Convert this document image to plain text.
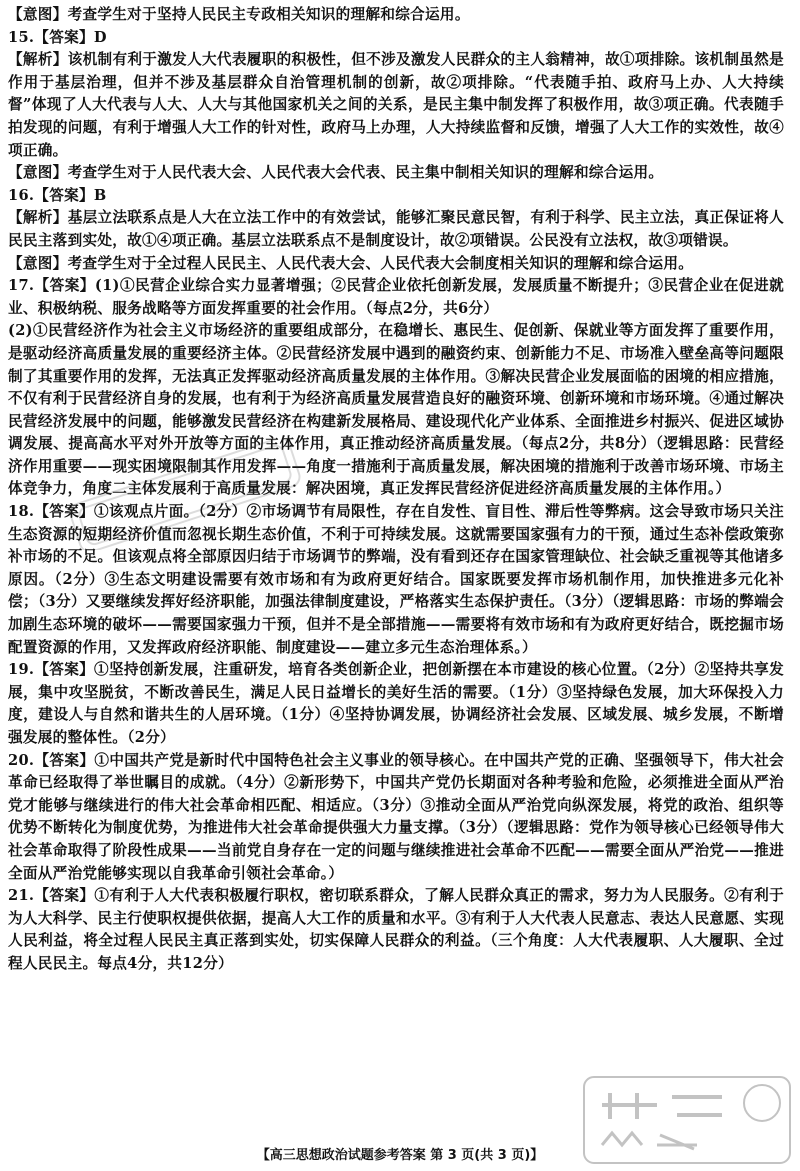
【意图】考查学生对于坚持人民民主专政相关知识的理解和综合运用。

15.【答案】D

【解析】该机制有利于激发人大代表履职的积极性，但不涉及激发人民群众的主人翁精神，故①项排除。该机制虽然是作用于基层治理，但并不涉及基层群众自治管理机制的创新，故②项排除。“代表随手拍、政府马上办、人大持续督”体现了人大代表与人大、人大与其他国家机关之间的关系，是民主集中制发挥了积极作用，故③项正确。代表随手拍发现的问题，有利于增强人大工作的针对性，政府马上办理，人大持续监督和反馈，增强了人大工作的实效性，故④项正确。

【意图】考查学生对于人民代表大会、人民代表大会代表、民主集中制相关知识的理解和综合运用。

16.【答案】B

【解析】基层立法联系点是人大在立法工作中的有效尝试，能够汇聚民意民智，有利于科学、民主立法，真正保证将人民民主落到实处，故①④项正确。基层立法联系点不是制度设计，故②项错误。公民没有立法权，故③项错误。

【意图】考查学生对于全过程人民民主、人民代表大会、人民代表大会制度相关知识的理解和综合运用。

17.【答案】(1)①民营企业综合实力显著增强；②民营企业依托创新发展，发展质量不断提升；③民营企业在促进就业、积极纳税、服务战略等方面发挥重要的社会作用。（每点2分，共6分）

(2)①民营经济作为社会主义市场经济的重要组成部分，在稳增长、惠民生、促创新、保就业等方面发挥了重要作用，是驱动经济高质量发展的重要经济主体。②民营经济发展中遇到的融资约束、创新能力不足、市场准入壁垒高等问题限制了其重要作用的发挥，无法真正发挥驱动经济高质量发展的主体作用。③解决民营企业发展面临的困境的相应措施，不仅有利于民营经济自身的发展，也有利于为经济高质量发展营造良好的融资环境、创新环境和市场环境。④通过解决民营经济发展中的问题，能够激发民营经济在构建新发展格局、建设现代化产业体系、全面推进乡村振兴、促进区域协调发展、提高高水平对外开放等方面的主体作用，真正推动经济高质量发展。（每点2分，共8分）（逻辑思路：民营经济作用重要——现实困境限制其作用发挥——角度一措施利于高质量发展，解决困境的措施利于改善市场环境、市场主体竞争力，角度二主体发展利于高质量发展：解决困境，真正发挥民营经济促进经济高质量发展的主体作用。）

18.【答案】①该观点片面。（2分）②市场调节有局限性，存在自发性、盲目性、滞后性等弊病。这会导致市场只关注生态资源的短期经济价值而忽视长期生态价值，不利于可持续发展。这就需要国家强有力的干预，通过生态补偿政策弥补市场的不足。但该观点将全部原因归结于市场调节的弊端，没有看到还存在国家管理缺位、社会缺乏重视等其他诸多原因。（2分）③生态文明建设需要有效市场和有为政府更好结合。国家既要发挥市场机制作用，加快推进多元化补偿；（3分）又要继续发挥好经济职能，加强法律制度建设，严格落实生态保护责任。（3分）（逻辑思路：市场的弊端会加剧生态环境的破坏——需要国家强力干预，但并不是全部措施——需要将有效市场和有为政府更好结合，既挖掘市场配置资源的作用，又发挥政府经济职能、制度建设——建立多元生态治理体系。）

19.【答案】①坚持创新发展，注重研发，培育各类创新企业，把创新摆在本市建设的核心位置。（2分）②坚持共享发展，集中攻坚脱贫，不断改善民生，满足人民日益增长的美好生活的需要。（1分）③坚持绿色发展，加大环保投入力度，建设人与自然和谐共生的人居环境。（1分）④坚持协调发展，协调经济社会发展、区域发展、城乡发展，不断增强发展的整体性。（2分）

20.【答案】①中国共产党是新时代中国特色社会主义事业的领导核心。在中国共产党的正确、坚强领导下，伟大社会革命已经取得了举世瞩目的成就。（4分）②新形势下，中国共产党仍长期面对各种考验和危险，必须推进全面从严治党才能够与继续进行的伟大社会革命相匹配、相适应。（3分）③推动全面从严治党向纵深发展，将党的政治、组织等优势不断转化为制度优势，为推进伟大社会革命提供强大力量支撑。（3分）（逻辑思路：党作为领导核心已经领导伟大社会革命取得了阶段性成果——当前党自身存在一定的问题与继续推进社会革命不匹配——需要全面从严治党——推进全面从严治党能够实现以自我革命引领社会革命。）

21.【答案】①有利于人大代表积极履行职权，密切联系群众，了解人民群众真正的需求，努力为人民服务。②有利于为人大科学、民主行使职权提供依据，提高人大工作的质量和水平。③有利于人大代表人民意志、表达人民意愿、实现人民利益，将全过程人民民主真正落到实处，切实保障人民群众的利益。（三个角度：人大代表履职、人大履职、全过程人民民主。每点4分，共12分）

【高三思想政治试题参考答案 第 3 页(共 3 页)】
